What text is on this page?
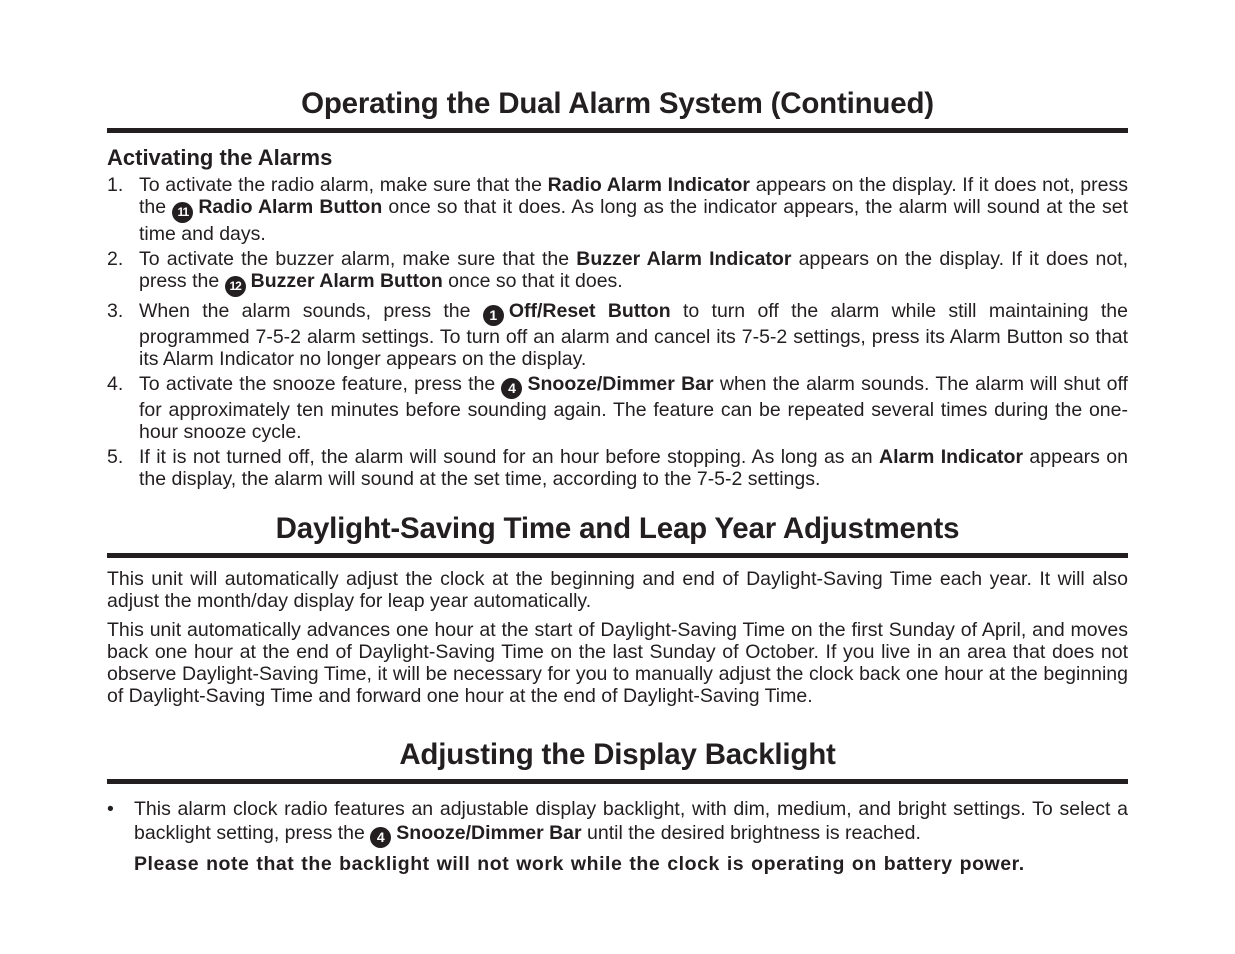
Operating the Dual Alarm System (Continued)
Activating the Alarms
1. To activate the radio alarm, make sure that the Radio Alarm Indicator appears on the display. If it does not, press the 11 Radio Alarm Button once so that it does. As long as the indicator appears, the alarm will sound at the set time and days.
2. To activate the buzzer alarm, make sure that the Buzzer Alarm Indicator appears on the display. If it does not, press the 12 Buzzer Alarm Button once so that it does.
3. When the alarm sounds, press the 1 Off/Reset Button to turn off the alarm while still maintaining the programmed 7-5-2 alarm settings. To turn off an alarm and cancel its 7-5-2 settings, press its Alarm Button so that its Alarm Indicator no longer appears on the display.
4. To activate the snooze feature, press the 4 Snooze/Dimmer Bar when the alarm sounds. The alarm will shut off for approximately ten minutes before sounding again. The feature can be repeated several times during the one-hour snooze cycle.
5. If it is not turned off, the alarm will sound for an hour before stopping. As long as an Alarm Indicator appears on the display, the alarm will sound at the set time, according to the 7-5-2 settings.
Daylight-Saving Time and Leap Year Adjustments

This unit will automatically adjust the clock at the beginning and end of Daylight-Saving Time each year. It will also adjust the month/day display for leap year automatically.

This unit automatically advances one hour at the start of Daylight-Saving Time on the first Sunday of April, and moves back one hour at the end of Daylight-Saving Time on the last Sunday of October. If you live in an area that does not observe Daylight-Saving Time, it will be necessary for you to manually adjust the clock back one hour at the beginning of Daylight-Saving Time and forward one hour at the end of Daylight-Saving Time.

Adjusting the Display Backlight
• This alarm clock radio features an adjustable display backlight, with dim, medium, and bright settings. To select a backlight setting, press the 4 Snooze/Dimmer Bar until the desired brightness is reached.
Please note that the backlight will not work while the clock is operating on battery power.
